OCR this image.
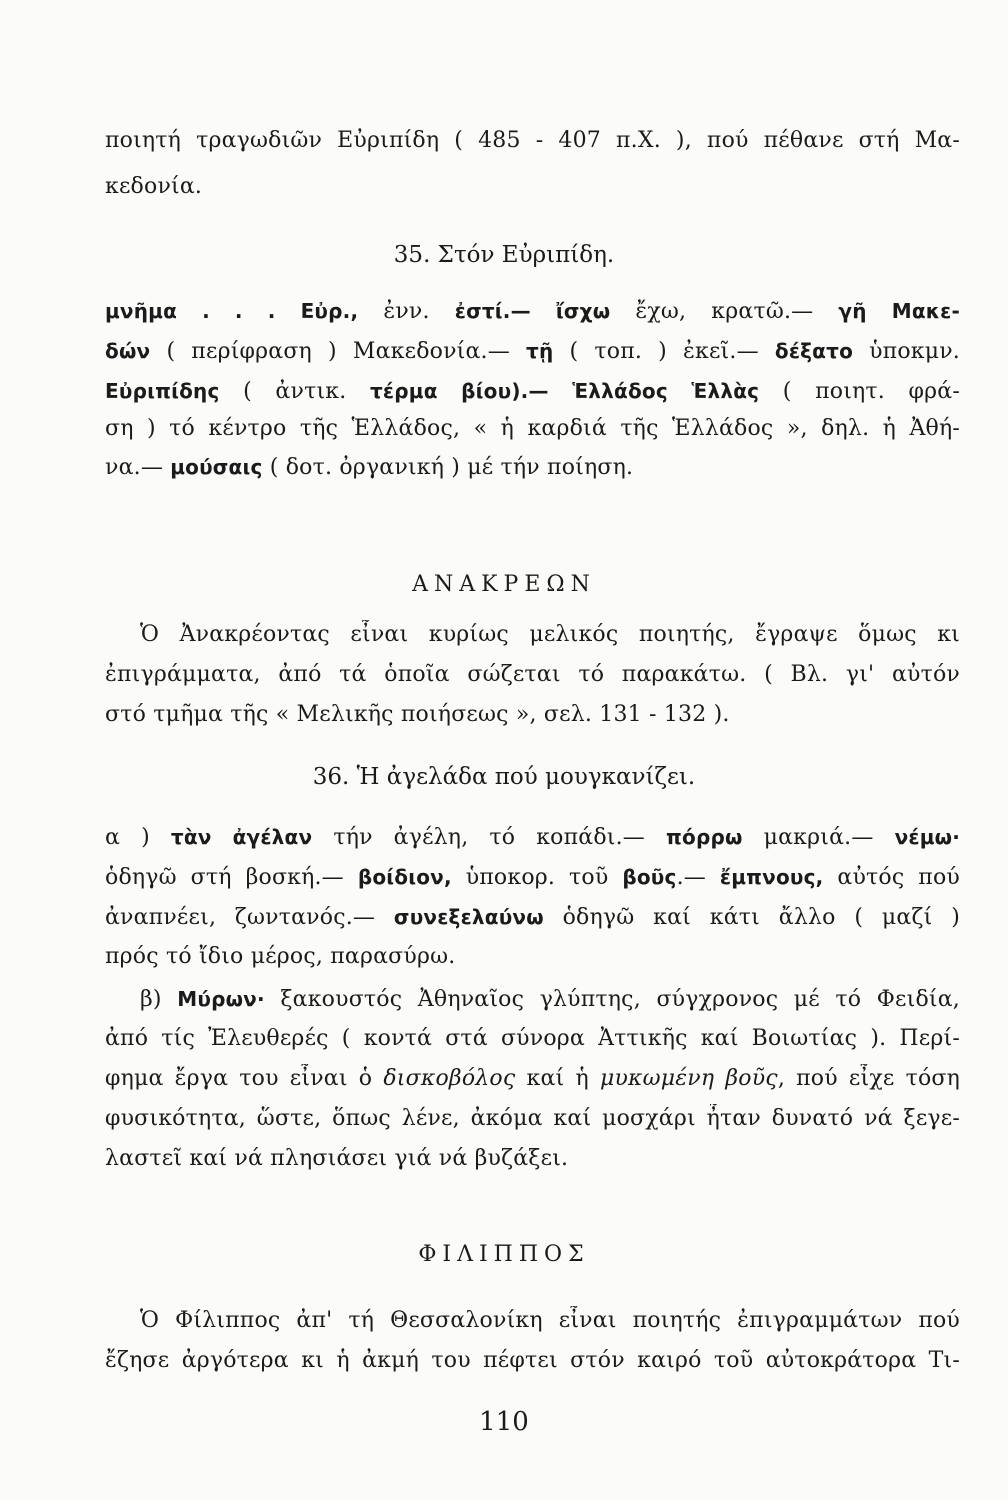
ποιητή τραγωδιῶν Εὐριπίδη ( 485 - 407 π.Χ. ), πού πέθανε στή Μα-
κεδονία.
35. Στόν Εὐριπίδη.
μνῆμα . . . Εὐρ., ἐνν. ἐστί.— ἴσχω ἔχω, κρατῶ.— γῆ Μακε-
δών ( περίφραση ) Μακεδονία.— τῇ ( τοπ. ) ἐκεῖ.— δέξατο ὑποκμν.
Εὐριπίδης ( ἀντικ. τέρμα βίου).— Ἑλλάδος Ἑλλὰς ( ποιητ. φρά-
ση ) τό κέντρο τῆς Ἑλλάδος, « ἡ καρδιά τῆς Ἑλλάδος », δηλ. ἡ Ἀθή-
να.— μούσαις ( δοτ. ὀργανική ) μέ τήν ποίηση.
ΑΝΑΚΡΕΩΝ
Ὁ Ἀνακρέοντας εἶναι κυρίως μελικός ποιητής, ἔγραψε ὅμως κι
ἐπιγράμματα, ἀπό τά ὁποῖα σώζεται τό παρακάτω. ( Βλ. γι' αὐτόν
στό τμῆμα τῆς « Μελικῆς ποιήσεως », σελ. 131 - 132 ).
36. Ἡ ἀγελάδα πού μουγκανίζει.
α ) τὰν ἀγέλαν τήν ἀγέλη, τό κοπάδι.— πόρρω μακριά.— νέμω·
ὁδηγῶ στή βοσκή.— βοίδιον, ὑποκορ. τοῦ βοῦς.— ἔμπνους, αὐτός πού
ἀναπνέει, ζωντανός.— συνεξελαύνω ὁδηγῶ καί κάτι ἄλλο ( μαζί )
πρός τό ἴδιο μέρος, παρασύρω.
β) Μύρων· ξακουστός Ἀθηναῖος γλύπτης, σύγχρονος μέ τό Φειδία,
ἀπό τίς Ἐλευθερές ( κοντά στά σύνορα Ἀττικῆς καί Βοιωτίας ). Περί-
φημα ἔργα του εἶναι ὁ δισκοβόλος καί ἡ μυκωμένη βοῦς, πού εἶχε τόση
φυσικότητα, ὥστε, ὅπως λένε, ἀκόμα καί μοσχάρι ἦταν δυνατό νά ξεγε-
λαστεῖ καί νά πλησιάσει γιά νά βυζάξει.
ΦΙΛΙΠΠΟΣ
Ὁ Φίλιππος ἀπ' τή Θεσσαλονίκη εἶναι ποιητής ἐπιγραμμάτων πού
ἔζησε ἀργότερα κι ἡ ἀκμή του πέφτει στόν καιρό τοῦ αὐτοκράτορα Τι-
110
